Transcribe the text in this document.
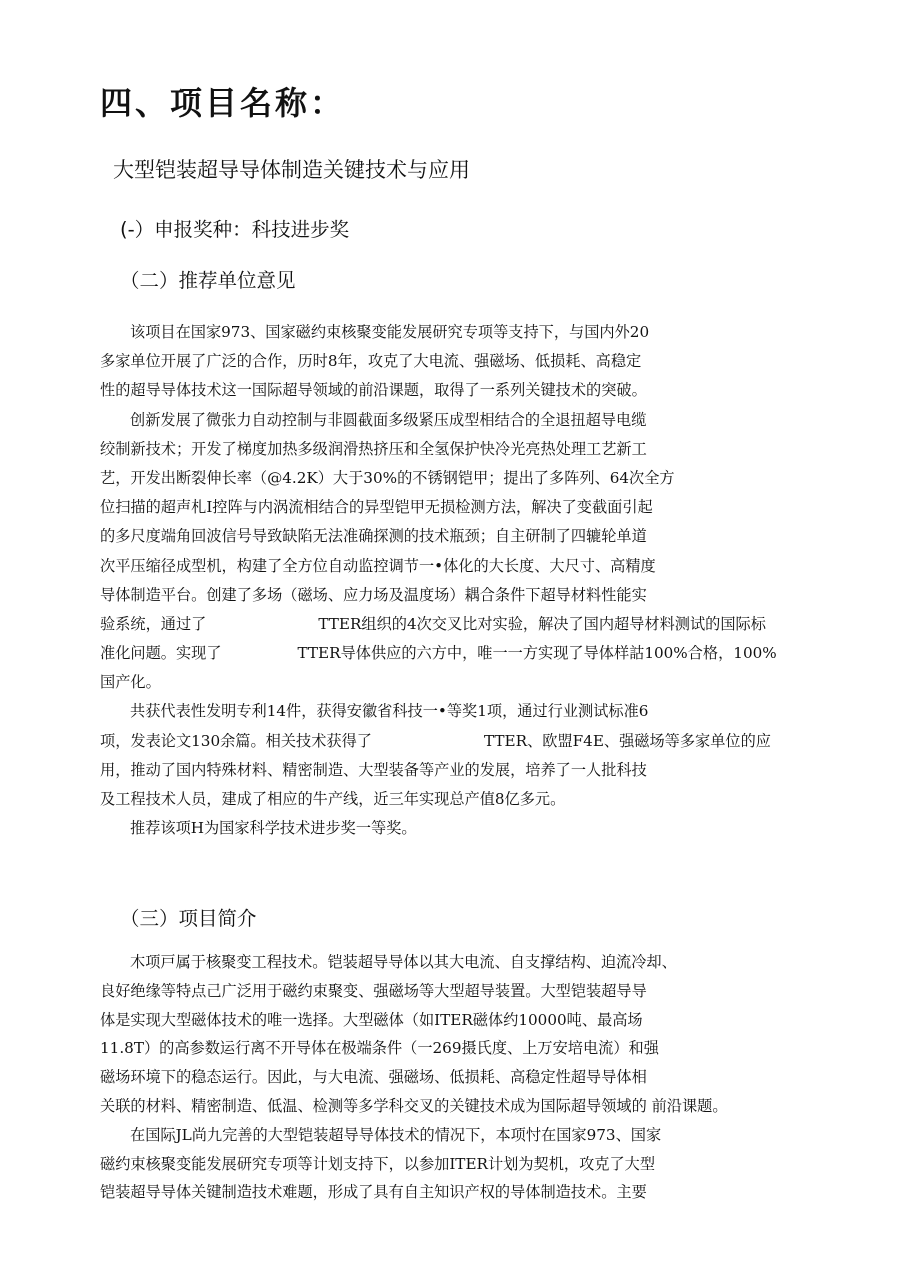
四、项目名称：
大型铠装超导导体制造关键技术与应用
(-）申报奖种：科技进步奖
（二）推荐单位意见
该项目在国家973、国家磁约束核聚变能发展研究专项等支持下，与国内外20
多家单位开展了广泛的合作，历时8年，攻克了大电流、强磁场、低损耗、高稳定
性的超导导体技术这一国际超导领域的前沿课题，取得了一系列关键技术的突破。
创新发展了微张力自动控制与非圆截面多级紧压成型相结合的全退扭超导电缆
绞制新技术；开发了梯度加热多级润滑热挤压和全氢保护快冷光亮热处理工艺新工
艺，开发出断裂伸长率（@4.2K）大于30%的不锈钢铠甲；提出了多阵列、64次全方
位扫描的超声札I控阵与内涡流相结合的异型铠甲无损检测方法，解决了变截面引起
的多尺度端角回波信号导致缺陷无法准确探测的技术瓶颈；自主研制了四辘轮单道
次平压缩径成型机，构建了全方位自动监控调节一•体化的大长度、大尺寸、高精度
导体制造平台。创建了多场（磁场、应力场及温度场）耦合条件下超导材料性能实
验系统，通过了	TTER组织的4次交叉比对实验，解决了国内超导材料测试的国际标
准化问题。实现了	TTER导体供应的六方中，唯一一方实现了导体样詁100%合格，100%
国产化。
共获代表性发明专利14件，获得安徽省科技一•等奖1项，通过行业测试标准6
项，发表论文130余篇。相关技术获得了	TTER、欧盟F4E、强磁场等多家单位的应
用，推动了国内特殊材料、精密制造、大型装备等产业的发展，培养了一人批科技
及工程技术人员，建成了相应的牛产线，近三年实现总产值8亿多元。
推荐该项H为国家科学技术进步奖一等奖。
（三）项目简介
木项戸属于核聚变工程技术。铠装超导导体以其大电流、自支撑结构、迫流冷却、
良好绝缘等特点己广泛用于磁约束聚变、强磁场等大型超导装置。大型铠装超导导
体是实现大型磁体技术的唯一选择。大型磁体（如ITER磁体约10000吨、最高场
11.8T）的高参数运行离不开导体在极端条件（一269摄氏度、上万安培电流）和强
磁场环境下的稳态运行。因此，与大电流、强磁场、低损耗、高稳定性超导导体相
关联的材料、精密制造、低温、检测等多学科交叉的关键技术成为国际超导领域的 前沿课题。
在国际JL尚九完善的大型铠装超导导体技术的情况下，本项忖在国家973、国家
磁约束核聚变能发展研究专项等计划支持下，以参加ITER计划为契机，攻克了大型
铠装超导导体关键制造技术难题，形成了具有自主知识产权的导体制造技术。主要
